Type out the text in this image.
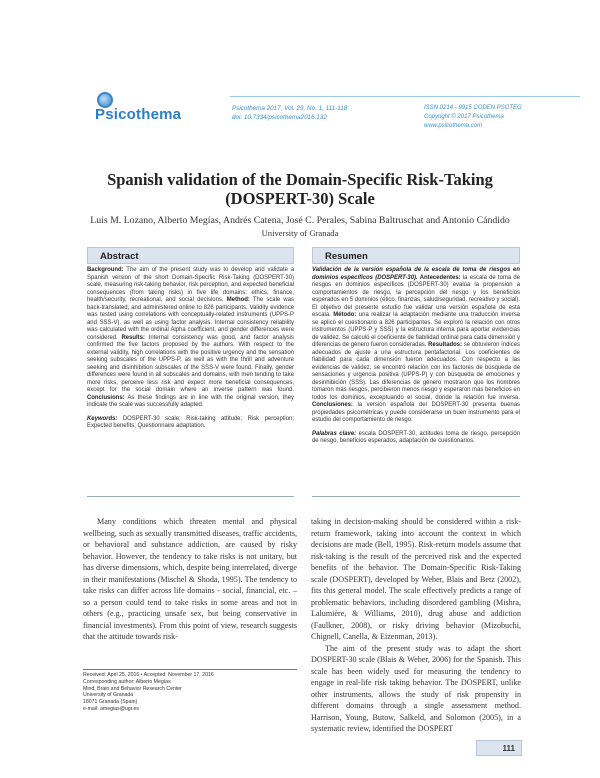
Psicothema	Psicothema 2017, Vol. 29, No. 1, 111-118
doi: 10.7334/psicothema2016.132
ISSN 0214 - 9915 CODEN PSOTEG
Copyright © 2017 Psicothema
www.psicothema.com
Spanish validation of the Domain-Specific Risk-Taking
(DOSPERT-30) Scale
Luis M. Lozano, Alberto Megías, Andrés Catena, José C. Perales, Sabina Baltruschat and Antonio Cándido
University of Granada
Abstract

Background: The aim of the present study was to develop and validate a Spanish version of the short Domain-Specific Risk-Taking (DOSPERT-30) scale, measuring risk-taking behavior, risk perception, and expected beneficial consequences (from taking risks) in five life domains: ethics, finance, health/security, recreational, and social decisions. Method: The scale was back-translated, and administered online to 826 participants. Validity evidence was tested using correlations with conceptually-related instruments (UPPS-P and SSS-V), as well as using factor analysis. Internal consistency reliability was calculated with the ordinal Alpha coefficient, and gender differences were considered. Results: Internal consistency was good, and factor analysis confirmed the five factors proposed by the authors. With respect to the external validity, high correlations with the positive urgency and the sensation seeking subscales of the UPPS-P, as well as with the thrill and adventure seeking and disinhibition subscales of the SSS-V were found. Finally, gender differences were found in all subscales and domains, with men tending to take more risks, perceive less risk and expect more beneficial consequences, except for the social domain where an inverse pattern was found. Conclusions: As these findings are in line with the original version, they indicate the scale was successfully adapted.

Keywords: DOSPERT-30 scale; Risk-taking attitude; Risk perception; Expected benefits; Questionnaire adaptation.

Resumen

Validación de la versión española de la escala de toma de riesgos en dominios específicos (DOSPERT-30). Antecedentes: la escala de toma de riesgos en dominios específicos (DOSPERT-30) evalúa la propensión a comportamientos de riesgo, la percepción del riesgo y los beneficios esperados en 5 dominios (ético, finanzas, salud/seguridad, recreativo y social). El objetivo del presente estudio fue validar una versión española de esta escala. Método: una realizar la adaptación mediante una traducción inversa se aplicó el cuestionario a 826 participantes. Se exploró la relación con otros instrumentos (UPPS-P y SSS) y la estructura interna para aportar evidencias de validez. Se calculó el coeficiente de fiabilidad ordinal para cada dimensión y diferencias de género fueron consideradas. Resultados: se obtuvieron índices adecuados de ajuste a una estructura pentafactorial. Los coeficientes de fiabilidad para cada dimensión fueron adecuados. Con respecto a las evidencias de validez, se encontró relación con los factores de búsqueda de sensaciones y urgencia positiva (UPPS-P) y con búsqueda de emociones y desinhibición (SSS). Las diferencias de género mostraron que los hombres tomaron más riesgos, percibieron menos riesgo y esperaron más beneficios en todos los dominios, exceptuando el social, donde la relación fue inversa. Conclusiones: la versión española del DOSPERT-30 presenta buenas propiedades psicométricas y puede considerarse un buen instrumento para el estudio del comportamiento de riesgo.

Palabras clave: escala DOSPERT-30, actitudes toma de riesgo, percepción de riesgo, beneficios esperados, adaptación de cuestionarios.

Many conditions which threaten mental and physical wellbeing, such as sexually transmitted diseases, traffic accidents, or behavioral and substance addiction, are caused by risky behavior. However, the tendency to take risks is not unitary, but has diverse dimensions, which, despite being interrelated, diverge in their manifestations (Mischel & Shoda, 1995). The tendency to take risks can differ across life domains - social, financial, etc. – so a person could tend to take risks in some areas and not in others (e.g., practicing unsafe sex, but being conservative in financial investments). From this point of view, research suggests that the attitude towards risk-

taking in decision-making should be considered within a risk-return framework, taking into account the context in which decisions are made (Bell, 1995). Risk-return models assume that risk-taking is the result of the perceived risk and the expected benefits of the behavior. The Domain-Specific Risk-Taking scale (DOSPERT), developed by Weber, Blais and Betz (2002), fits this general model. The scale effectively predicts a range of problematic behaviors, including disordered gambling (Mishra, Lalumière, & Williams, 2010), drug abuse and addiction (Faulkner, 2008), or risky driving behavior (Mizobuchi, Chignell, Canella, & Eizenman, 2013).

The aim of the present study was to adapt the short DOSPERT-30 scale (Blais & Weber, 2006) for the Spanish. This scale has been widely used for measuring the tendency to engage in real-life risk taking behavior. The DOSPERT, unlike other instruments, allows the study of risk propensity in different domains through a single assessment method. Harrison, Young, Butow, Salkeld, and Solomon (2005), in a systematic review, identified the DOSPERT

Received: April 25, 2016 • Accepted: November 17, 2016
Corresponding author: Alberto Megías
Mind, Brain and Behavior Research Center
University of Granada
18071 Granada (Spain)
e-mail: amegias@ugr.es
111
